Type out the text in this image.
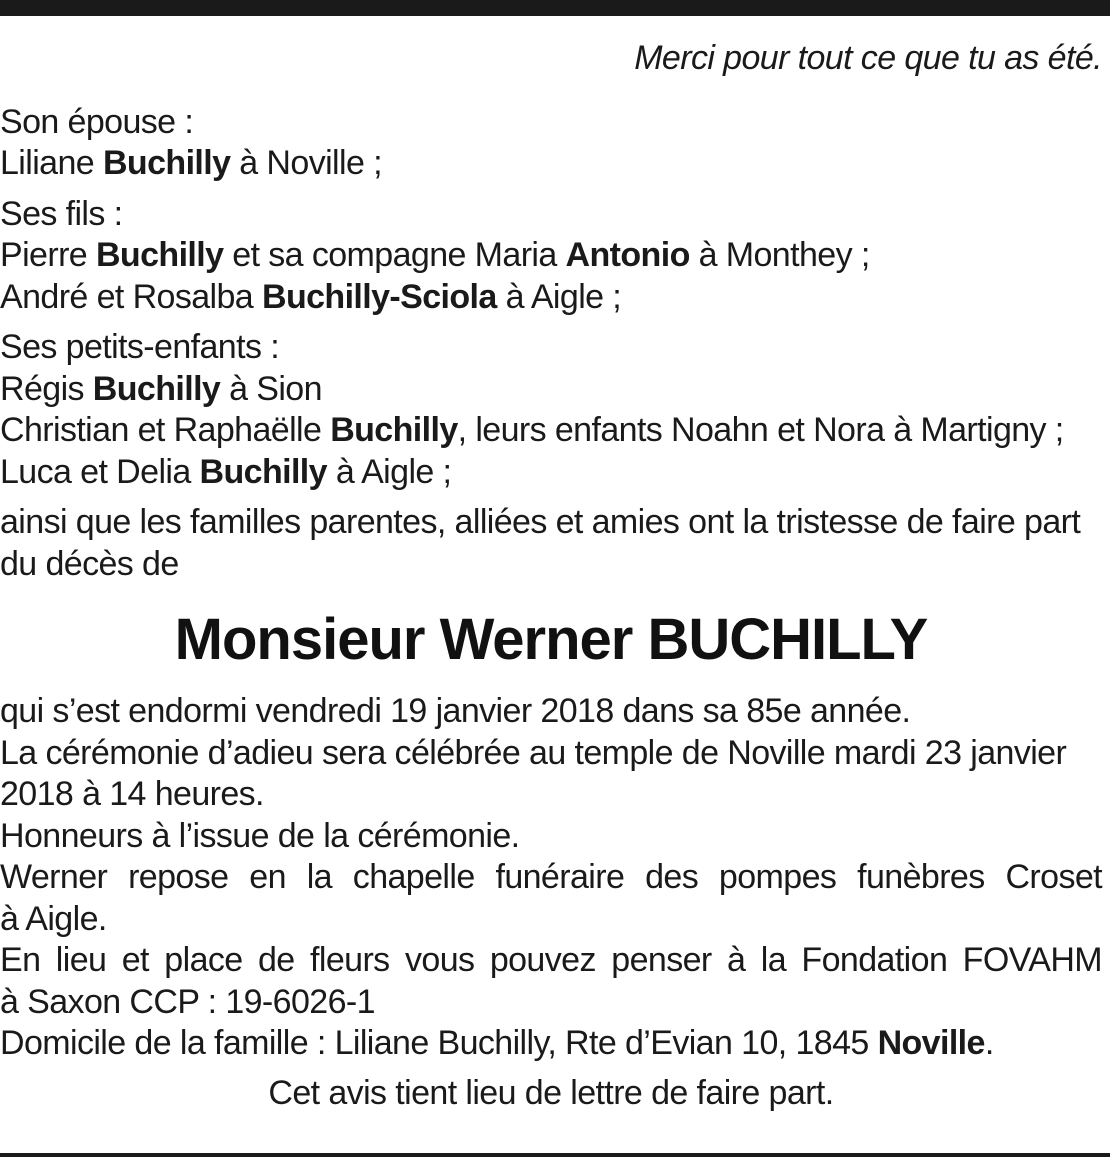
Merci pour tout ce que tu as été.

Son épouse :

Liliane Buchilly à Noville ;

Ses fils :

Pierre Buchilly et sa compagne Maria Antonio à Monthey ;

André et Rosalba Buchilly-Sciola à Aigle ;

Ses petits-enfants :

Régis Buchilly à Sion

Christian et Raphaëlle Buchilly, leurs enfants Noahn et Nora à Martigny ;

Luca et Delia Buchilly à Aigle ;

ainsi que les familles parentes, alliées et amies ont la tristesse de faire part

du décès de

Monsieur Werner BUCHILLY

qui s’est endormi vendredi 19 janvier 2018 dans sa 85e année.

La cérémonie d’adieu sera célébrée au temple de Noville mardi 23 janvier

2018 à 14 heures.

Honneurs à l’issue de la cérémonie.

Werner repose en la chapelle funéraire des pompes funèbres Croset

à Aigle.

En lieu et place de fleurs vous pouvez penser à la Fondation FOVAHM

à Saxon CCP : 19-6026-1

Domicile de la famille : Liliane Buchilly, Rte d’Evian 10, 1845 Noville.

Cet avis tient lieu de lettre de faire part.
